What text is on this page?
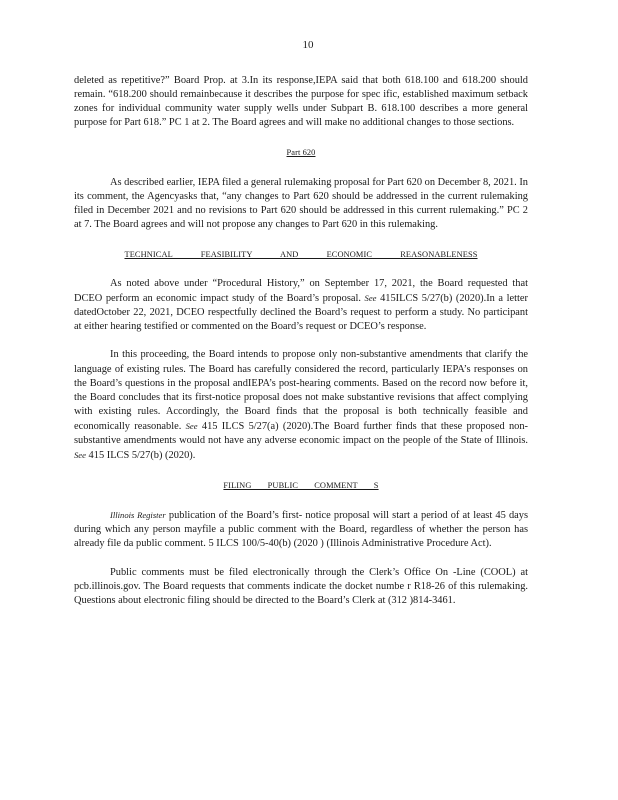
10

deleted as repetitive?” Board Prop. at 3.In its response,IEPA said that both 618.100 and 618.200 should remain. “618.200 should remainbecause it describes the purpose for spec ific, established maximum setback zones for individual community water supply wells under Subpart B. 618.100 describes a more general purpose for Part 618.” PC 1 at 2. The Board agrees and will make no additional changes to those sections.

Part 620

As described earlier, IEPA filed a general rulemaking proposal for Part 620 on December 8, 2021. In its comment, the Agencyasks that, “any changes to Part 620 should be addressed in the current rulemaking filed in December 2021 and no revisions to Part 620 should be addressed in this current rulemaking.” PC 2 at 7. The Board agrees and will not propose any changes to Part 620 in this rulemaking.

TECHNICAL FEASIBILITY AND ECONOMIC REASONABLENESS

As noted above under “Procedural History,” on September 17, 2021, the Board requested that DCEO perform an economic impact study of the Board’s proposal. See 415ILCS 5/27(b) (2020).In a letter datedOctober 22, 2021, DCEO respectfully declined the Board’s request to perform a study. No participant at either hearing testified or commented on the Board’s request or DCEO’s response.

In this proceeding, the Board intends to propose only non-substantive amendments that clarify the language of existing rules. The Board has carefully considered the record, particularly IEPA’s responses on the Board’s questions in the proposal andIEPA’s post-hearing comments. Based on the record now before it, the Board concludes that its first-notice proposal does not make substantive revisions that affect complying with existing rules. Accordingly, the Board finds that the proposal is both technically feasible and economically reasonable. See 415 ILCS 5/27(a) (2020).The Board further finds that these proposed non-substantive amendments would not have any adverse economic impact on the people of the State of Illinois. See 415 ILCS 5/27(b) (2020).

FILING PUBLIC COMMENT S

Illinois Register publication of the Board’s first- notice proposal will start a period of at least 45 days during which any person mayfile a public comment with the Board, regardless of whether the person has already file da public comment. 5 ILCS 100/5-40(b) (2020 ) (Illinois Administrative Procedure Act).

Public comments must be filed electronically through the Clerk’s Office On -Line (COOL) at pcb.illinois.gov. The Board requests that comments indicate the docket numbe r R18-26 of this rulemaking. Questions about electronic filing should be directed to the Board’s Clerk at (312 )814-3461.
